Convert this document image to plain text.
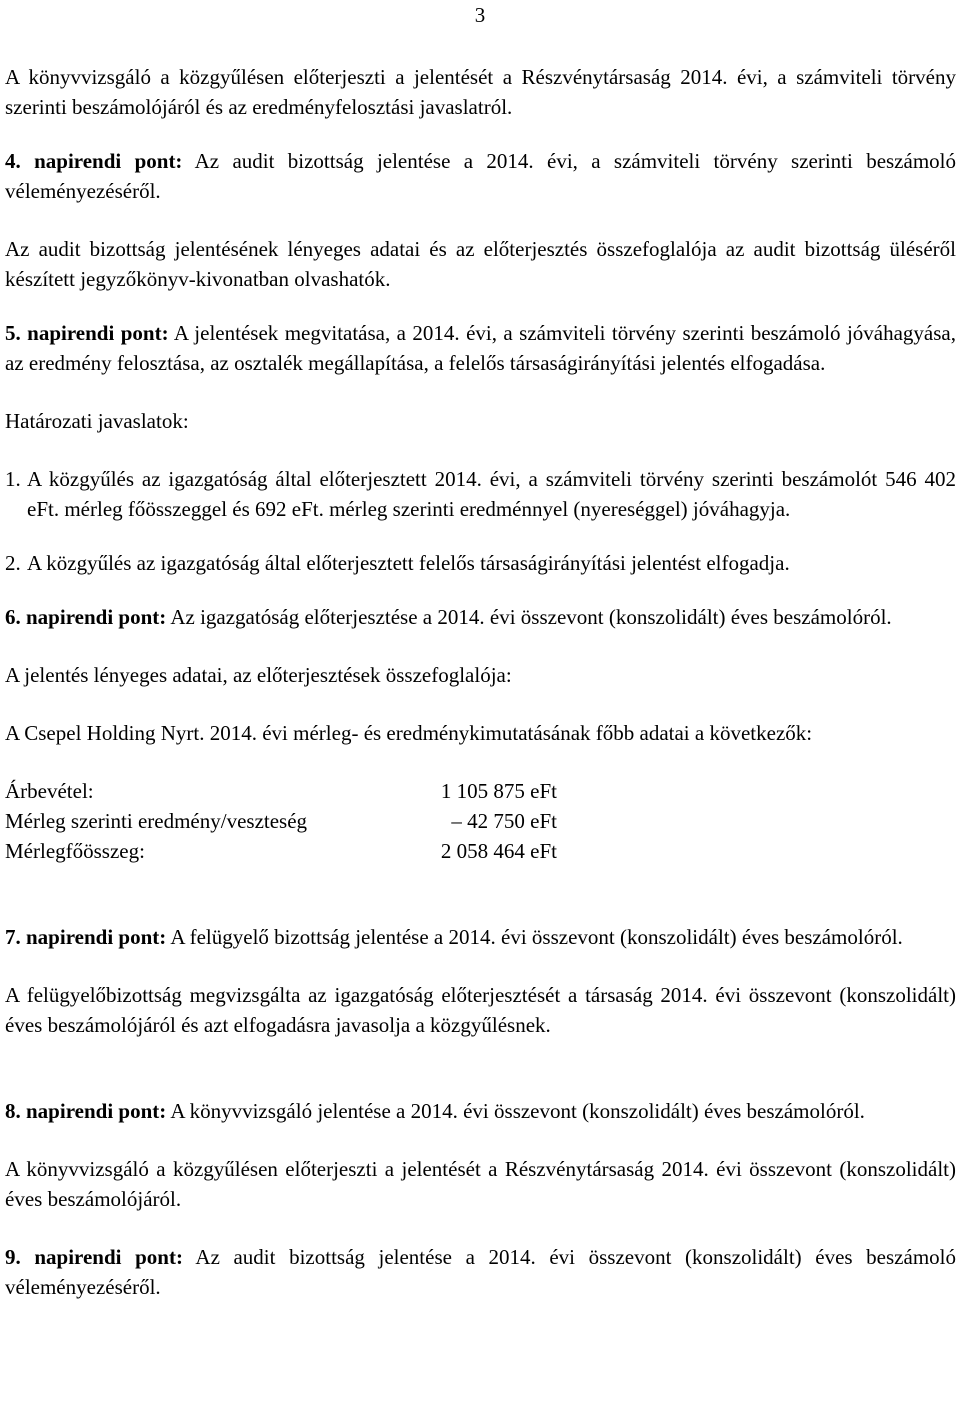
3

A könyvvizsgáló a közgyűlésen előterjeszti a jelentését a Részvénytársaság 2014. évi, a számviteli törvény szerinti beszámolójáról és az eredményfelosztási javaslatról.

4. napirendi pont: Az audit bizottság jelentése a 2014. évi, a számviteli törvény szerinti beszámoló véleményezéséről.

Az audit bizottság jelentésének lényeges adatai és az előterjesztés összefoglalója az audit bizottság üléséről készített jegyzőkönyv-kivonatban olvashatók.

5. napirendi pont: A jelentések megvitatása, a 2014. évi, a számviteli törvény szerinti beszámoló jóváhagyása, az eredmény felosztása, az osztalék megállapítása, a felelős társaságirányítási jelentés elfogadása.

Határozati javaslatok:

1. A közgyűlés az igazgatóság által előterjesztett 2014. évi, a számviteli törvény szerinti beszámolót 546 402 eFt. mérleg főösszeggel és 692 eFt. mérleg szerinti eredménnyel (nyereséggel) jóváhagyja.
2. A közgyűlés az igazgatóság által előterjesztett felelős társaságirányítási jelentést elfogadja.

6. napirendi pont: Az igazgatóság előterjesztése a 2014. évi összevont (konszolidált) éves beszámolóról.

A jelentés lényeges adatai, az előterjesztések összefoglalója:

A Csepel Holding Nyrt. 2014. évi mérleg- és eredménykimutatásának főbb adatai a következők:

Árbevétel:	1 105 875 eFt
Mérleg szerinti eredmény/veszteség	– 42 750 eFt
Mérlegfőösszeg:	2 058 464 eFt

7. napirendi pont: A felügyelő bizottság jelentése a 2014. évi összevont (konszolidált) éves beszámolóról.

A felügyelőbizottság megvizsgálta az igazgatóság előterjesztését a társaság 2014. évi összevont (konszolidált) éves beszámolójáról és azt elfogadásra javasolja a közgyűlésnek.

8. napirendi pont: A könyvvizsgáló jelentése a 2014. évi összevont (konszolidált) éves beszámolóról.

A könyvvizsgáló a közgyűlésen előterjeszti a jelentését a Részvénytársaság 2014. évi összevont (konszolidált) éves beszámolójáról.

9. napirendi pont: Az audit bizottság jelentése a 2014. évi összevont (konszolidált) éves beszámoló véleményezéséről.
